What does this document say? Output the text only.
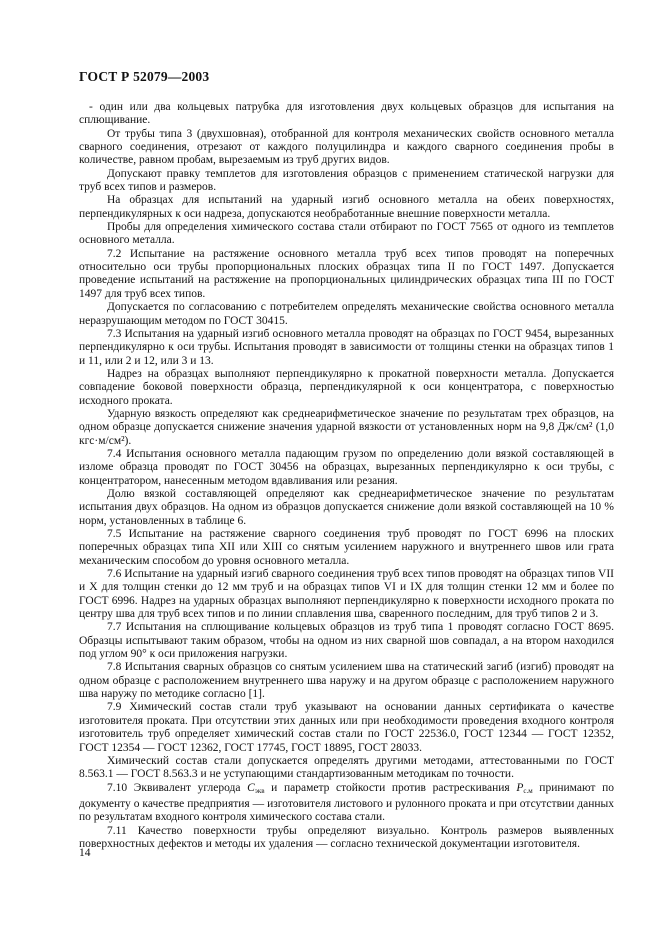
ГОСТ Р 52079—2003

- один или два кольцевых патрубка для изготовления двух кольцевых образцов для испытания на сплющивание.

От трубы типа 3 (двухшовная), отобранной для контроля механических свойств основного металла сварного соединения, отрезают от каждого полуцилиндра и каждого сварного соединения пробы в количестве, равном пробам, вырезаемым из труб других видов.

Допускают правку темплетов для изготовления образцов с применением статической нагрузки для труб всех типов и размеров.

На образцах для испытаний на ударный изгиб основного металла на обеих поверхностях, перпендикулярных к оси надреза, допускаются необработанные внешние поверхности металла.

Пробы для определения химического состава стали отбирают по ГОСТ 7565 от одного из темплетов основного металла.

7.2 Испытание на растяжение основного металла труб всех типов проводят на поперечных относительно оси трубы пропорциональных плоских образцах типа II по ГОСТ 1497. Допускается проведение испытаний на растяжение на пропорциональных цилиндрических образцах типа III по ГОСТ 1497 для труб всех типов.

Допускается по согласованию с потребителем определять механические свойства основного металла неразрушающим методом по ГОСТ 30415.

7.3 Испытания на ударный изгиб основного металла проводят на образцах по ГОСТ 9454, вырезанных перпендикулярно к оси трубы. Испытания проводят в зависимости от толщины стенки на образцах типов 1 и 11, или 2 и 12, или 3 и 13.

Надрез на образцах выполняют перпендикулярно к прокатной поверхности металла. Допускается совпадение боковой поверхности образца, перпендикулярной к оси концентратора, с поверхностью исходного проката.

Ударную вязкость определяют как среднеарифметическое значение по результатам трех образцов, на одном образце допускается снижение значения ударной вязкости от установленных норм на 9,8 Дж/см² (1,0 кгс·м/см²).

7.4 Испытания основного металла падающим грузом по определению доли вязкой составляющей в изломе образца проводят по ГОСТ 30456 на образцах, вырезанных перпендикулярно к оси трубы, с концентратором, нанесенным методом вдавливания или резания.

Долю вязкой составляющей определяют как среднеарифметическое значение по результатам испытания двух образцов. На одном из образцов допускается снижение доли вязкой составляющей на 10 % норм, установленных в таблице 6.

7.5 Испытание на растяжение сварного соединения труб проводят по ГОСТ 6996 на плоских поперечных образцах типа XII или XIII со снятым усилением наружного и внутреннего швов или грата механическим способом до уровня основного металла.

7.6 Испытание на ударный изгиб сварного соединения труб всех типов проводят на образцах типов VII и X для толщин стенки до 12 мм труб и на образцах типов VI и IX для толщин стенки 12 мм и более по ГОСТ 6996. Надрез на ударных образцах выполняют перпендикулярно к поверхности исходного проката по центру шва для труб всех типов и по линии сплавления шва, сваренного последним, для труб типов 2 и 3.

7.7 Испытания на сплющивание кольцевых образцов из труб типа 1 проводят согласно ГОСТ 8695. Образцы испытывают таким образом, чтобы на одном из них сварной шов совпадал, а на втором находился под углом 90° к оси приложения нагрузки.

7.8 Испытания сварных образцов со снятым усилением шва на статический загиб (изгиб) проводят на одном образце с расположением внутреннего шва наружу и на другом образце с расположением наружного шва наружу по методике согласно [1].

7.9 Химический состав стали труб указывают на основании данных сертификата о качестве изготовителя проката. При отсутствии этих данных или при необходимости проведения входного контроля изготовитель труб определяет химический состав стали по ГОСТ 22536.0, ГОСТ 12344 — ГОСТ 12352, ГОСТ 12354 — ГОСТ 12362, ГОСТ 17745, ГОСТ 18895, ГОСТ 28033.

Химический состав стали допускается определять другими методами, аттестованными по ГОСТ 8.563.1 — ГОСТ 8.563.3 и не уступающими стандартизованным методикам по точности.

7.10 Эквивалент углерода $C_{экв}$ и параметр стойкости против растрескивания $P_{с.м}$ принимают по документу о качестве предприятия — изготовителя листового и рулонного проката и при отсутствии данных по результатам входного контроля химического состава стали.

7.11 Качество поверхности трубы определяют визуально. Контроль размеров выявленных поверхностных дефектов и методы их удаления — согласно технической документации изготовителя.

14
